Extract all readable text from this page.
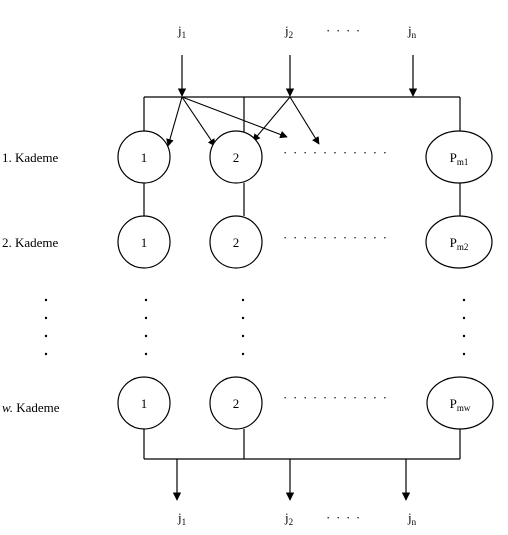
$j_1$	$j_2$	· · · ·	$j_n$
1. Kademe	1	2	· · · · · · · · · · ·	$P_{m1}$
2. Kademe	1	2	· · · · · · · · · · ·	$P_{m2}$
w. Kademe	1	2	· · · · · · · · · · ·	$P_{mw}$
$j_1$	$j_2$	· · · ·	$j_n$
